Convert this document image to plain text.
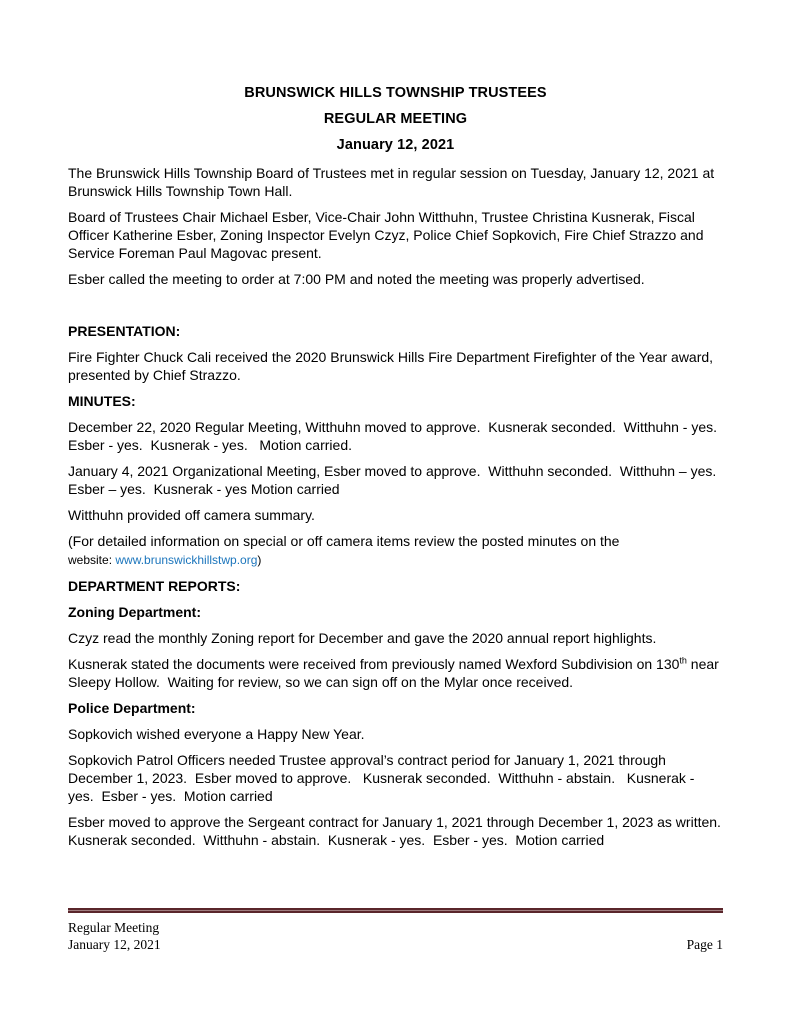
BRUNSWICK HILLS TOWNSHIP TRUSTEES
REGULAR MEETING
January 12, 2021

The Brunswick Hills Township Board of Trustees met in regular session on Tuesday, January 12, 2021 at Brunswick Hills Township Town Hall.

Board of Trustees Chair Michael Esber, Vice-Chair John Witthuhn, Trustee Christina Kusnerak, Fiscal Officer Katherine Esber, Zoning Inspector Evelyn Czyz, Police Chief Sopkovich, Fire Chief Strazzo and Service Foreman Paul Magovac present.

Esber called the meeting to order at 7:00 PM and noted the meeting was properly advertised.

PRESENTATION:

Fire Fighter Chuck Cali received the 2020 Brunswick Hills Fire Department Firefighter of the Year award, presented by Chief Strazzo.

MINUTES:

December 22, 2020 Regular Meeting, Witthuhn moved to approve.  Kusnerak seconded.  Witthuhn - yes.  Esber - yes.  Kusnerak - yes.   Motion carried.

January 4, 2021 Organizational Meeting, Esber moved to approve.  Witthuhn seconded.  Witthuhn – yes.  Esber – yes.  Kusnerak - yes Motion carried

Witthuhn provided off camera summary.

(For detailed information on special or off camera items review the posted minutes on the
website: www.brunswickhillstwp.org)

DEPARTMENT REPORTS:
Zoning Department:

Czyz read the monthly Zoning report for December and gave the 2020 annual report highlights.

Kusnerak stated the documents were received from previously named Wexford Subdivision on 130th near Sleepy Hollow.  Waiting for review, so we can sign off on the Mylar once received.

Police Department:

Sopkovich wished everyone a Happy New Year.

Sopkovich Patrol Officers needed Trustee approval’s contract period for January 1, 2021 through December 1, 2023.  Esber moved to approve.   Kusnerak seconded.  Witthuhn - abstain.   Kusnerak - yes.  Esber - yes.  Motion carried

Esber moved to approve the Sergeant contract for January 1, 2021 through December 1, 2023 as written.  Kusnerak seconded.  Witthuhn - abstain.  Kusnerak - yes.  Esber - yes.  Motion carried

Regular Meeting
January 12, 2021	Page 1
